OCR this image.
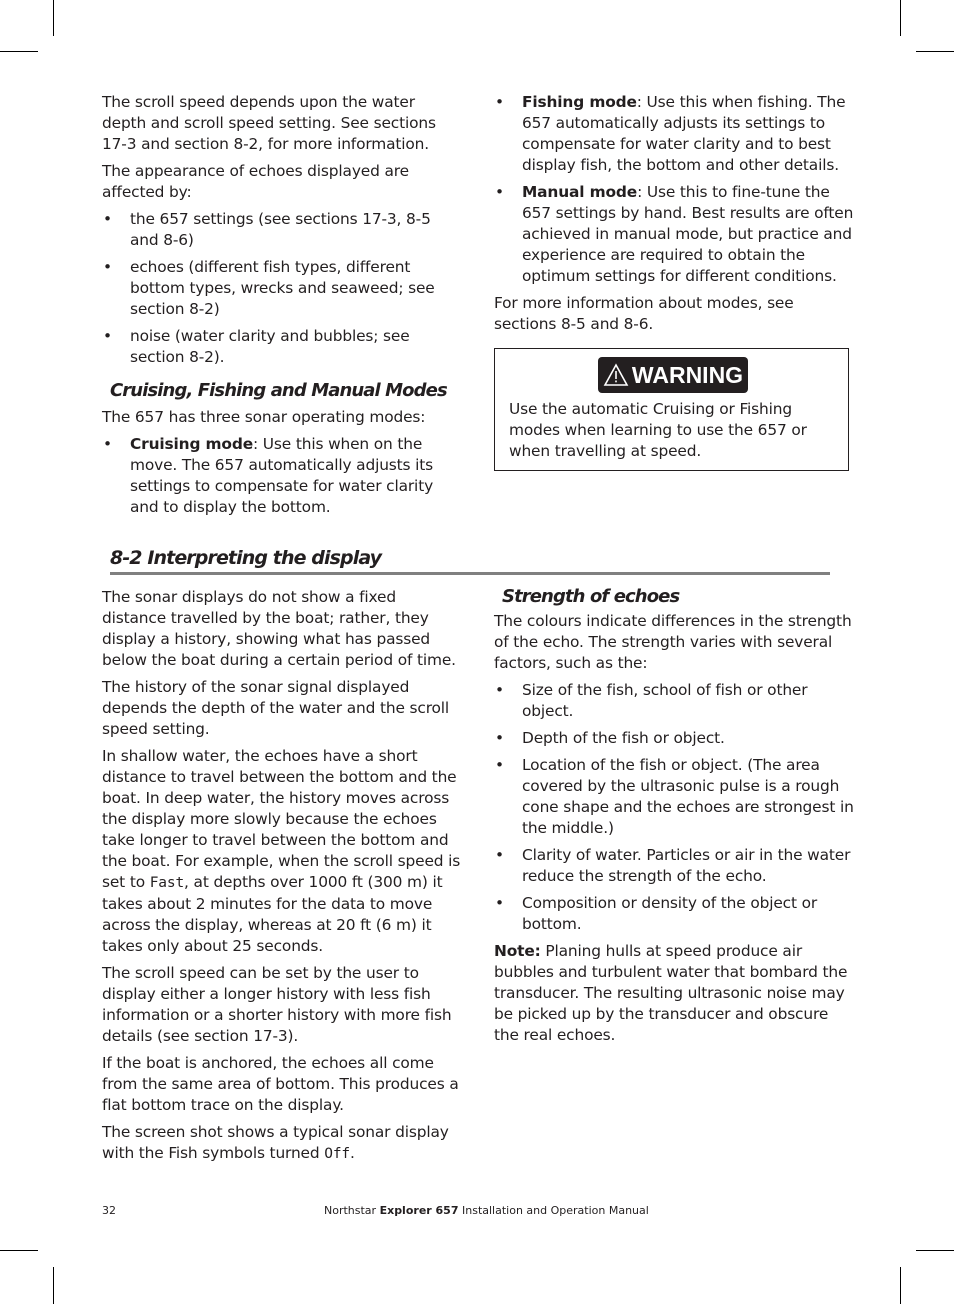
The scroll speed depends upon the water depth and scroll speed setting. See sections 17-3 and section 8-2, for more information.

The appearance of echoes displayed are affected by:

• the 657 settings (see sections 17-3, 8-5 and 8-6)
• echoes (different fish types, different bottom types, wrecks and seaweed; see section 8-2)
• noise (water clarity and bubbles; see section 8-2).
Cruising, Fishing and Manual Modes

The 657 has three sonar operating modes:

• Cruising mode: Use this when on the move. The 657 automatically adjusts its settings to compensate for water clarity and to display the bottom.
• Fishing mode: Use this when fishing. The 657 automatically adjusts its settings to compensate for water clarity and to best display fish, the bottom and other details.
• Manual mode: Use this to fine-tune the 657 settings by hand. Best results are often achieved in manual mode, but practice and experience are required to obtain the optimum settings for different conditions.

For more information about modes, see sections 8-5 and 8-6.

WARNING
Use the automatic Cruising or Fishing modes when learning to use the 657 or when travelling at speed.
8-2 Interpreting the display

The sonar displays do not show a fixed distance travelled by the boat; rather, they display a history, showing what has passed below the boat during a certain period of time.

The history of the sonar signal displayed depends the depth of the water and the scroll speed setting.

In shallow water, the echoes have a short distance to travel between the bottom and the boat. In deep water, the history moves across the display more slowly because the echoes take longer to travel between the bottom and the boat. For example, when the scroll speed is set to Fast, at depths over 1000 ft (300 m) it takes about 2 minutes for the data to move across the display, whereas at 20 ft (6 m) it takes only about 25 seconds.

The scroll speed can be set by the user to display either a longer history with less fish information or a shorter history with more fish details (see section 17-3).

If the boat is anchored, the echoes all come from the same area of bottom. This produces a flat bottom trace on the display.

The screen shot shows a typical sonar display with the Fish symbols turned Off.

Strength of echoes

The colours indicate differences in the strength of the echo. The strength varies with several factors, such as the:

• Size of the fish, school of fish or other object.
• Depth of the fish or object.
• Location of the fish or object. (The area covered by the ultrasonic pulse is a rough cone shape and the echoes are strongest in the middle.)
• Clarity of water. Particles or air in the water reduce the strength of the echo.
• Composition or density of the object or bottom.

Note: Planing hulls at speed produce air bubbles and turbulent water that bombard the transducer. The resulting ultrasonic noise may be picked up by the transducer and obscure the real echoes.

32	Northstar Explorer 657 Installation and Operation Manual
